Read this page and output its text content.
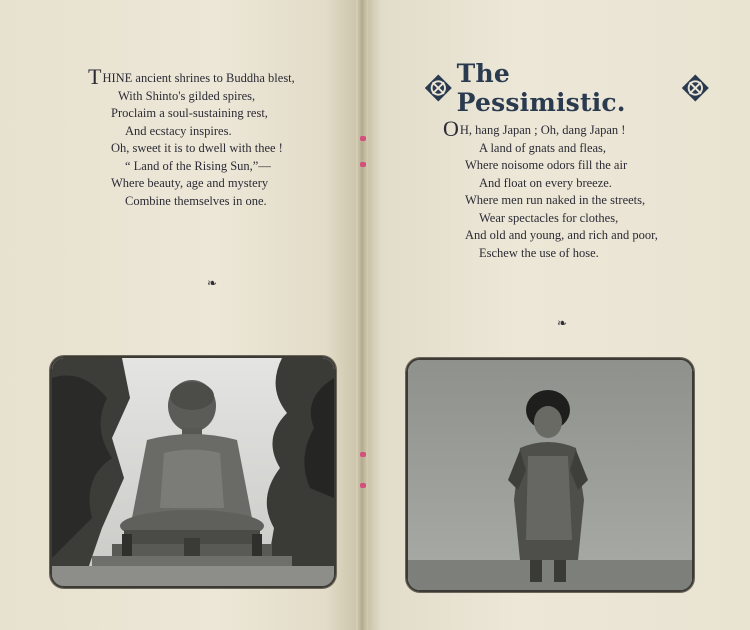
THINE ancient shrines to Buddha blest,
With Shinto's gilded spires,
Proclaim a soul-sustaining rest,
And ecstacy inspires.
Oh, sweet it is to dwell with thee !
“ Land of the Rising Sun,”—
Where beauty, age and mystery
Combine themselves in one.
❧
The Pessimistic.
OH, hang Japan ; Oh, dang Japan !
A land of gnats and fleas,
Where noisome odors fill the air
And float on every breeze.
Where men run naked in the streets,
Wear spectacles for clothes,
And old and young, and rich and poor,
Eschew the use of hose.
❧
